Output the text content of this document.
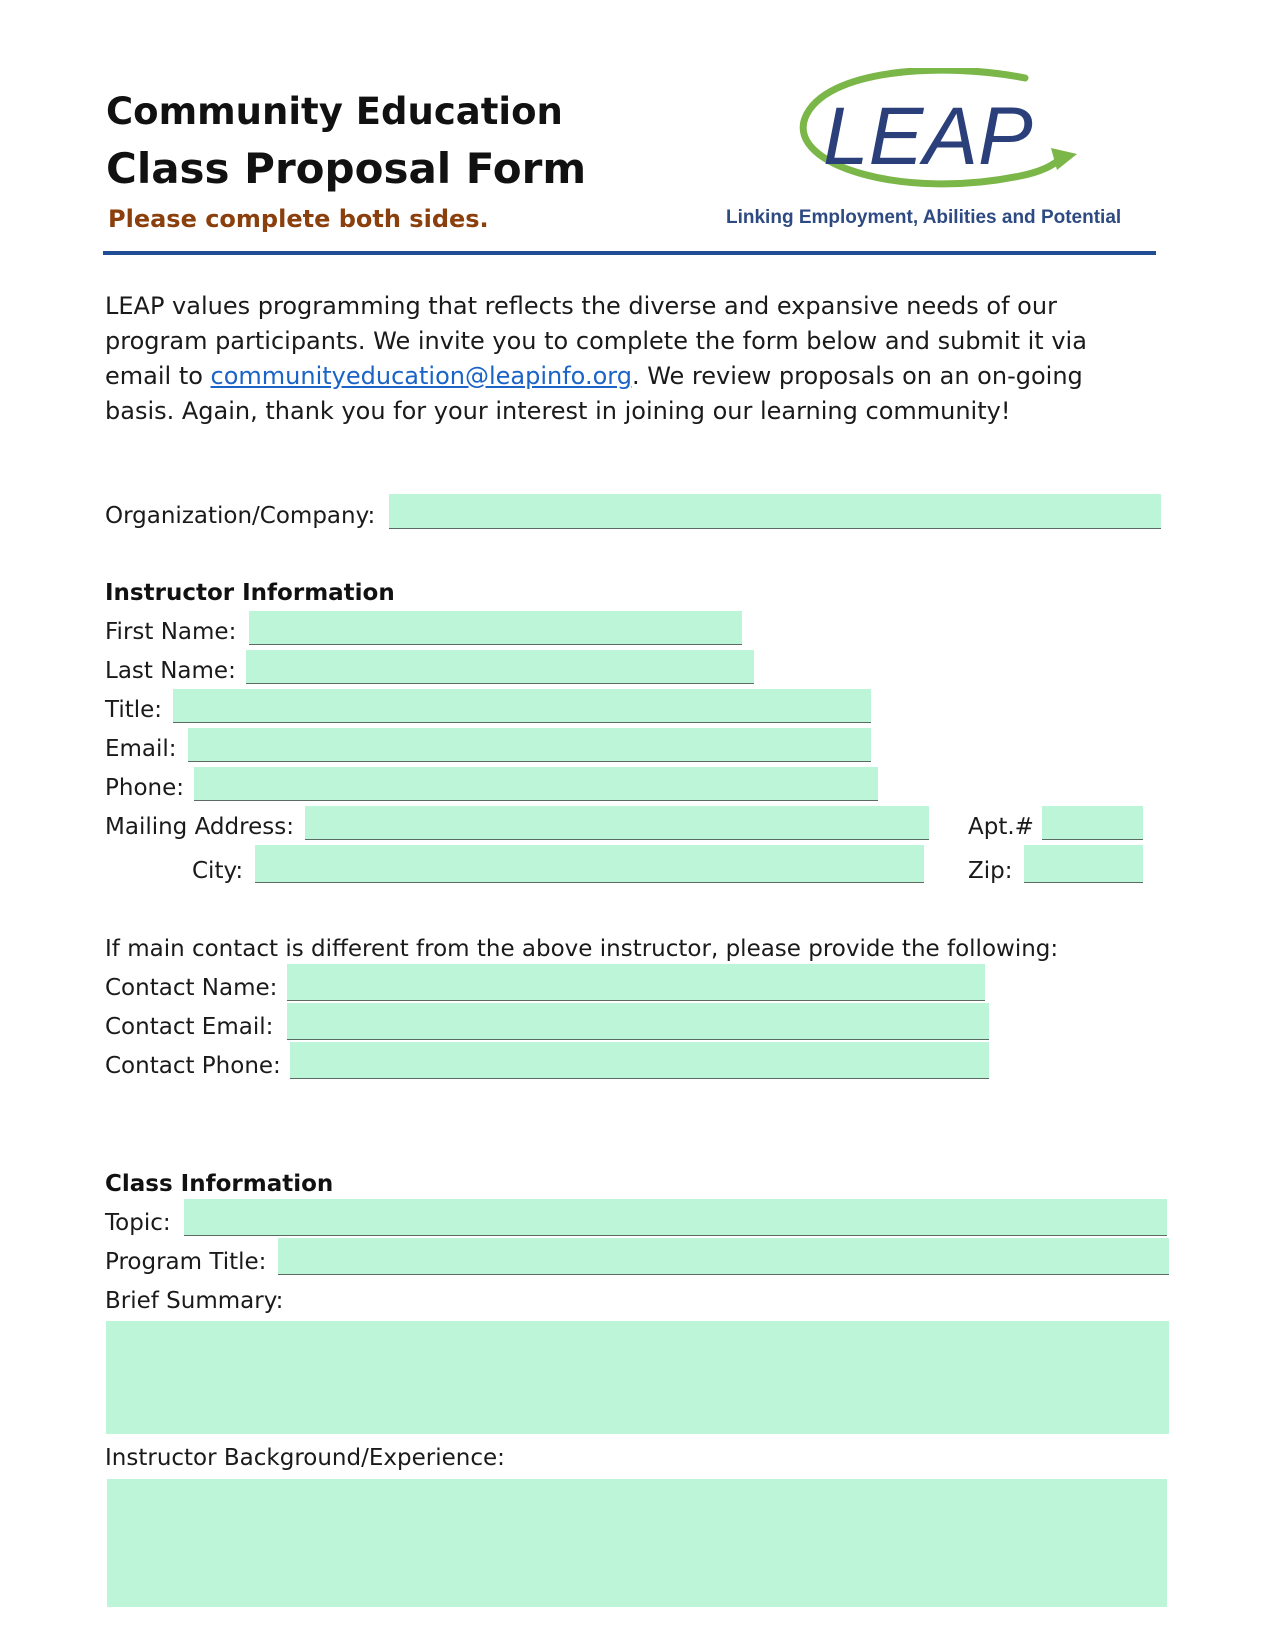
Community Education
Class Proposal Form
Please complete both sides.
LEAP
Linking Employment, Abilities and Potential

LEAP values programming that reflects the diverse and expansive needs of our

program participants. We invite you to complete the form below and submit it via

email to communityeducation@leapinfo.org. We review proposals on an on-going

basis. Again, thank you for your interest in joining our learning community!

Organization/Company:
Instructor Information
First Name:
Last Name:
Title:
Email:
Phone:
Mailing Address:	Apt.#
City:	Zip:
If main contact is different from the above instructor, please provide the following:
Contact Name:
Contact Email:
Contact Phone:
Class Information
Topic:
Program Title:
Brief Summary:
Instructor Background/Experience:
